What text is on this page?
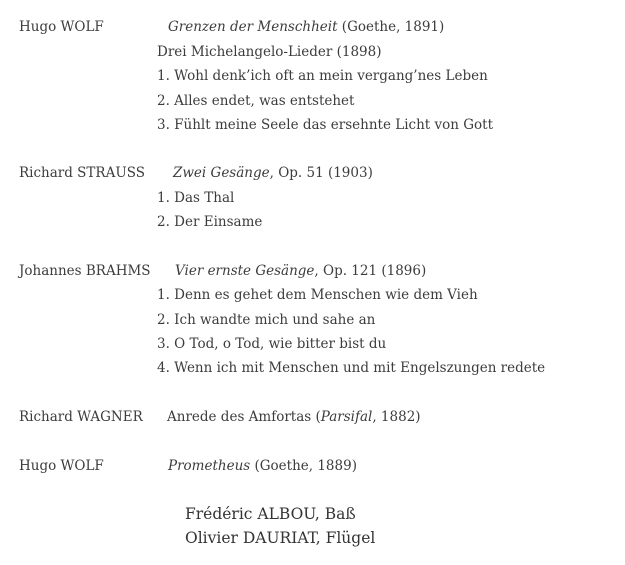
Hugo WOLF	Grenzen der Menschheit (Goethe, 1891)
Drei Michelangelo-Lieder (1898)
1. Wohl denk’ich oft an mein vergang’nes Leben
2. Alles endet, was entstehet
3. Fühlt meine Seele das ersehnte Licht von Gott
Richard STRAUSS Zwei Gesänge, Op. 51 (1903)
1. Das Thal
2. Der Einsame
Johannes BRAHMS Vier ernste Gesänge, Op. 121 (1896)
1. Denn es gehet dem Menschen wie dem Vieh
2. Ich wandte mich und sahe an
3. O Tod, o Tod, wie bitter bist du
4. Wenn ich mit Menschen und mit Engelszungen redete
Richard WAGNER Anrede des Amfortas (Parsifal, 1882)
Hugo WOLF	Prometheus (Goethe, 1889)
Frédéric ALBOU, Baß
Olivier DAURIAT, Flügel
